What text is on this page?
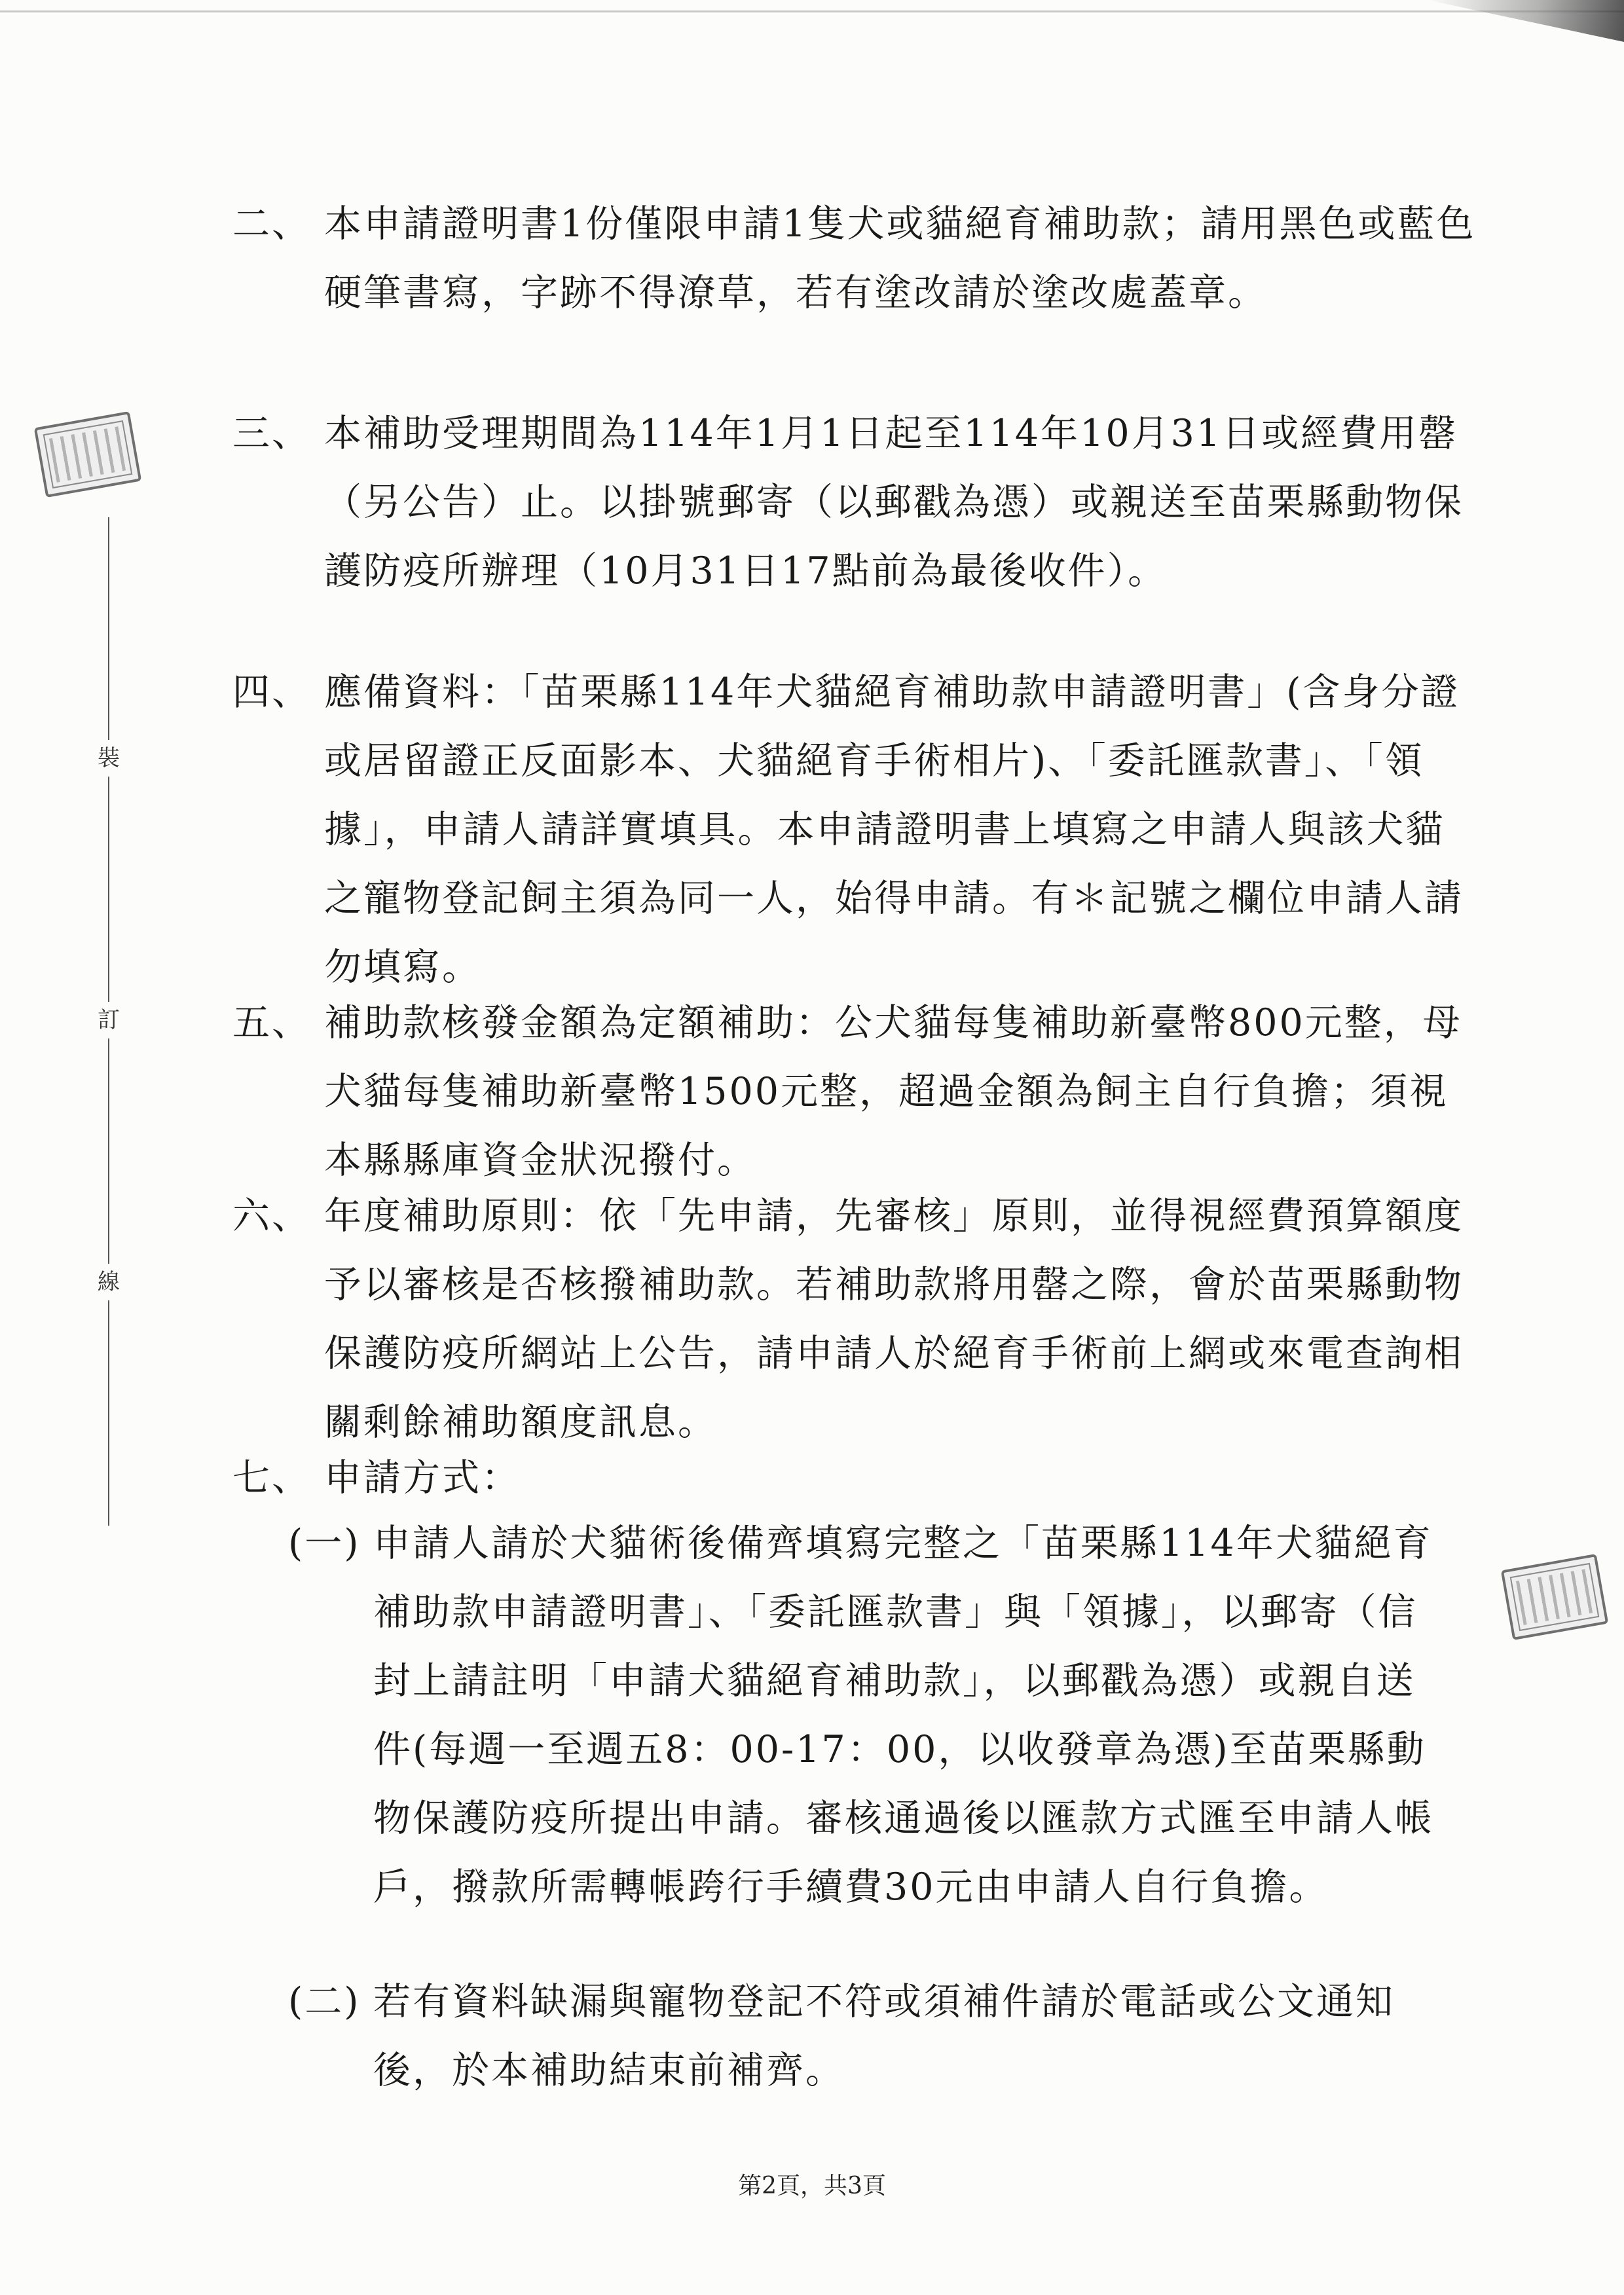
裝
訂
線
二、 本申請證明書1份僅限申請1隻犬或貓絕育補助款；請用黑色或藍色硬筆書寫，字跡不得潦草，若有塗改請於塗改處蓋章。
三、 本補助受理期間為114年1月1日起至114年10月31日或經費用罄（另公告）止。以掛號郵寄（以郵戳為憑）或親送至苗栗縣動物保護防疫所辦理（10月31日17點前為最後收件）。
四、 應備資料：「苗栗縣114年犬貓絕育補助款申請證明書」(含身分證或居留證正反面影本、犬貓絕育手術相片)、「委託匯款書」、「領據」，申請人請詳實填具。本申請證明書上填寫之申請人與該犬貓之寵物登記飼主須為同一人，始得申請。有＊記號之欄位申請人請勿填寫。
五、 補助款核發金額為定額補助：公犬貓每隻補助新臺幣800元整，母犬貓每隻補助新臺幣1500元整，超過金額為飼主自行負擔；須視本縣縣庫資金狀況撥付。
六、 年度補助原則：依「先申請，先審核」原則，並得視經費預算額度予以審核是否核撥補助款。若補助款將用罄之際，會於苗栗縣動物保護防疫所網站上公告，請申請人於絕育手術前上網或來電查詢相關剩餘補助額度訊息。
七、 申請方式：
(一) 申請人請於犬貓術後備齊填寫完整之「苗栗縣114年犬貓絕育補助款申請證明書」、「委託匯款書」與「領據」，以郵寄（信封上請註明「申請犬貓絕育補助款」，以郵戳為憑）或親自送件(每週一至週五8：00-17：00，以收發章為憑)至苗栗縣動物保護防疫所提出申請。審核通過後以匯款方式匯至申請人帳戶，撥款所需轉帳跨行手續費30元由申請人自行負擔。
(二) 若有資料缺漏與寵物登記不符或須補件請於電話或公文通知後，於本補助結束前補齊。
第2頁，共3頁
